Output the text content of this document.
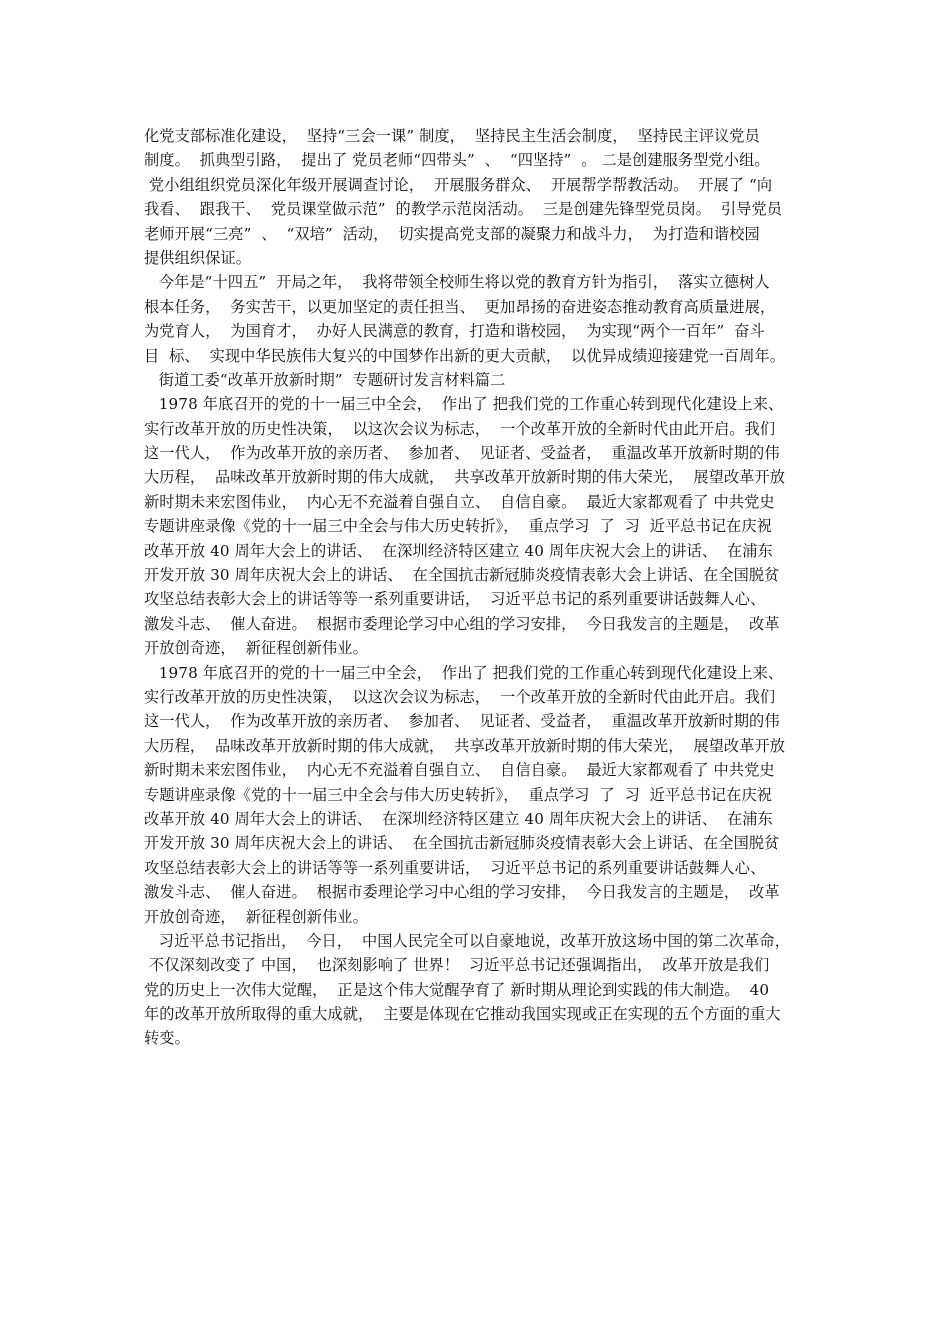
化党支部标准化建设，  坚持“三会一课” 制度，  坚持民主生活会制度，  坚持民主评议党员
制度。  抓典型引路，  提出了 党员老师“四带头”  、  “四坚持”  。 二是创建服务型党小组。
党小组组织党员深化年级开展调查讨论，  开展服务群众、  开展帮学帮教活动。  开展了 “向
我看、  跟我干、  党员课堂做示范”  的教学示范岗活动。  三是创建先锋型党员岗。  引导党员
老师开展“三亮”  、  “双培”  活动，  切实提高党支部的凝聚力和战斗力，  为打造和谐校园
提供组织保证。
今年是“十四五”  开局之年，  我将带领全校师生将以党的教育方针为指引，  落实立德树人
根本任务，  务实苦干，以更加坚定的责任担当、  更加昂扬的奋进姿态推动教育高质量进展，
为党育人，  为国育才，  办好人民满意的教育，打造和谐校园，  为实现“两个一百年”  奋斗
目  标、  实现中华民族伟大复兴的中国梦作出新的更大贡献，  以优异成绩迎接建党一百周年。
街道工委“改革开放新时期”  专题研讨发言材料篇二
1978 年底召开的党的十一届三中全会，  作出了 把我们党的工作重心转到现代化建设上来、
实行改革开放的历史性决策，  以这次会议为标志，  一个改革开放的全新时代由此开启。我们
这一代人，  作为改革开放的亲历者、  参加者、  见证者、受益者，  重温改革开放新时期的伟
大历程，  品味改革开放新时期的伟大成就，  共享改革开放新时期的伟大荣光，  展望改革开放
新时期未来宏图伟业，  内心无不充溢着自强自立、  自信自豪。  最近大家都观看了 中共党史
专题讲座录像《党的十一届三中全会与伟大历史转折》，  重点学习  了  习  近平总书记在庆祝
改革开放 40 周年大会上的讲话、  在深圳经济特区建立 40 周年庆祝大会上的讲话、  在浦东
开发开放 30 周年庆祝大会上的讲话、  在全国抗击新冠肺炎疫情表彰大会上讲话、在全国脱贫
攻坚总结表彰大会上的讲话等等一系列重要讲话，  习近平总书记的系列重要讲话鼓舞人心、
激发斗志、  催人奋进。  根据市委理论学习中心组的学习安排，  今日我发言的主题是，  改革
开放创奇迹，  新征程创新伟业。
1978 年底召开的党的十一届三中全会，  作出了 把我们党的工作重心转到现代化建设上来、
实行改革开放的历史性决策，  以这次会议为标志，  一个改革开放的全新时代由此开启。我们
这一代人，  作为改革开放的亲历者、  参加者、  见证者、受益者，  重温改革开放新时期的伟
大历程，  品味改革开放新时期的伟大成就，  共享改革开放新时期的伟大荣光，  展望改革开放
新时期未来宏图伟业，  内心无不充溢着自强自立、  自信自豪。  最近大家都观看了 中共党史
专题讲座录像《党的十一届三中全会与伟大历史转折》，  重点学习  了  习  近平总书记在庆祝
改革开放 40 周年大会上的讲话、  在深圳经济特区建立 40 周年庆祝大会上的讲话、  在浦东
开发开放 30 周年庆祝大会上的讲话、  在全国抗击新冠肺炎疫情表彰大会上讲话、在全国脱贫
攻坚总结表彰大会上的讲话等等一系列重要讲话，  习近平总书记的系列重要讲话鼓舞人心、
激发斗志、  催人奋进。  根据市委理论学习中心组的学习安排，  今日我发言的主题是，  改革
开放创奇迹，  新征程创新伟业。
习近平总书记指出，  今日，  中国人民完全可以自豪地说，改革开放这场中国的第二次革命，
不仅深刻改变了 中国，  也深刻影响了 世界！  习近平总书记还强调指出，  改革开放是我们
党的历史上一次伟大觉醒，  正是这个伟大觉醒孕育了 新时期从理论到实践的伟大制造。  40
年的改革开放所取得的重大成就，  主要是体现在它推动我国实现或正在实现的五个方面的重大
转变。
